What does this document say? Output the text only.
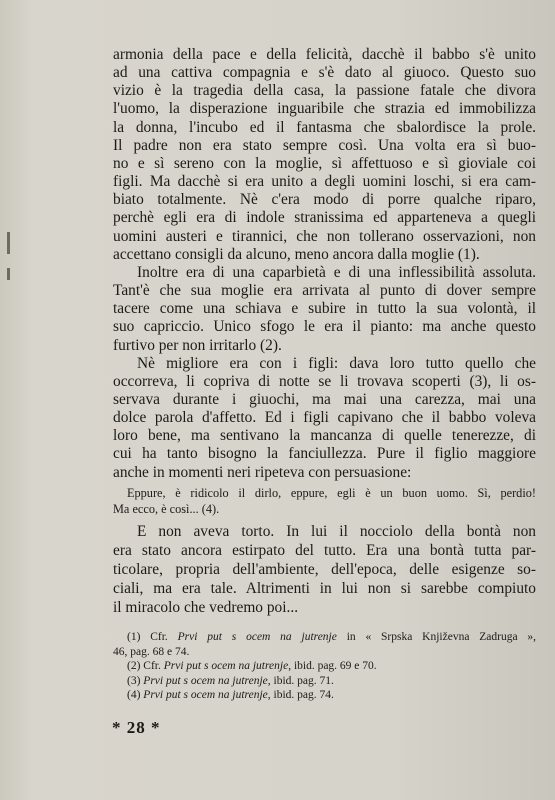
armonia della pace e della felicità, dacchè il babbo s'è unito
ad una cattiva compagnia e s'è dato al giuoco. Questo suo
vizio è la tragedia della casa, la passione fatale che divora
l'uomo, la disperazione inguaribile che strazia ed immobilizza
la donna, l'incubo ed il fantasma che sbalordisce la prole.
Il padre non era stato sempre così. Una volta era sì buo-
no e sì sereno con la moglie, sì affettuoso e sì gioviale coi
figli. Ma dacchè si era unito a degli uomini loschi, si era cam-
biato totalmente. Nè c'era modo di porre qualche riparo,
perchè egli era di indole stranissima ed apparteneva a quegli
uomini austeri e tirannici, che non tollerano osservazioni, non
accettano consigli da alcuno, meno ancora dalla moglie (1).
Inoltre era di una caparbietà e di una inflessibilità assoluta.
Tant'è che sua moglie era arrivata al punto di dover sempre
tacere come una schiava e subire in tutto la sua volontà, il
suo capriccio. Unico sfogo le era il pianto: ma anche questo
furtivo per non irritarlo (2).
Nè migliore era con i figli: dava loro tutto quello che
occorreva, li copriva di notte se li trovava scoperti (3), li os-
servava durante i giuochi, ma mai una carezza, mai una
dolce parola d'affetto. Ed i figli capivano che il babbo voleva
loro bene, ma sentivano la mancanza di quelle tenerezze, di
cui ha tanto bisogno la fanciullezza. Pure il figlio maggiore
anche in momenti neri ripeteva con persuasione:
Eppure, è ridicolo il dirlo, eppure, egli è un buon uomo. Sì, perdio!
Ma ecco, è così... (4).
E non aveva torto. In lui il nocciolo della bontà non
era stato ancora estirpato del tutto. Era una bontà tutta par-
ticolare, propria dell'ambiente, dell'epoca, delle esigenze so-
ciali, ma era tale. Altrimenti in lui non si sarebbe compiuto
il miracolo che vedremo poi...
(1) Cfr. Prvi put s ocem na jutrenje in « Srpska Književna Zadruga »,
46, pag. 68 e 74.
(2) Cfr. Prvi put s ocem na jutrenje, ibid. pag. 69 e 70.
(3) Prvi put s ocem na jutrenje, ibid. pag. 71.
(4) Prvi put s ocem na jutrenje, ibid. pag. 74.
* 28 *
